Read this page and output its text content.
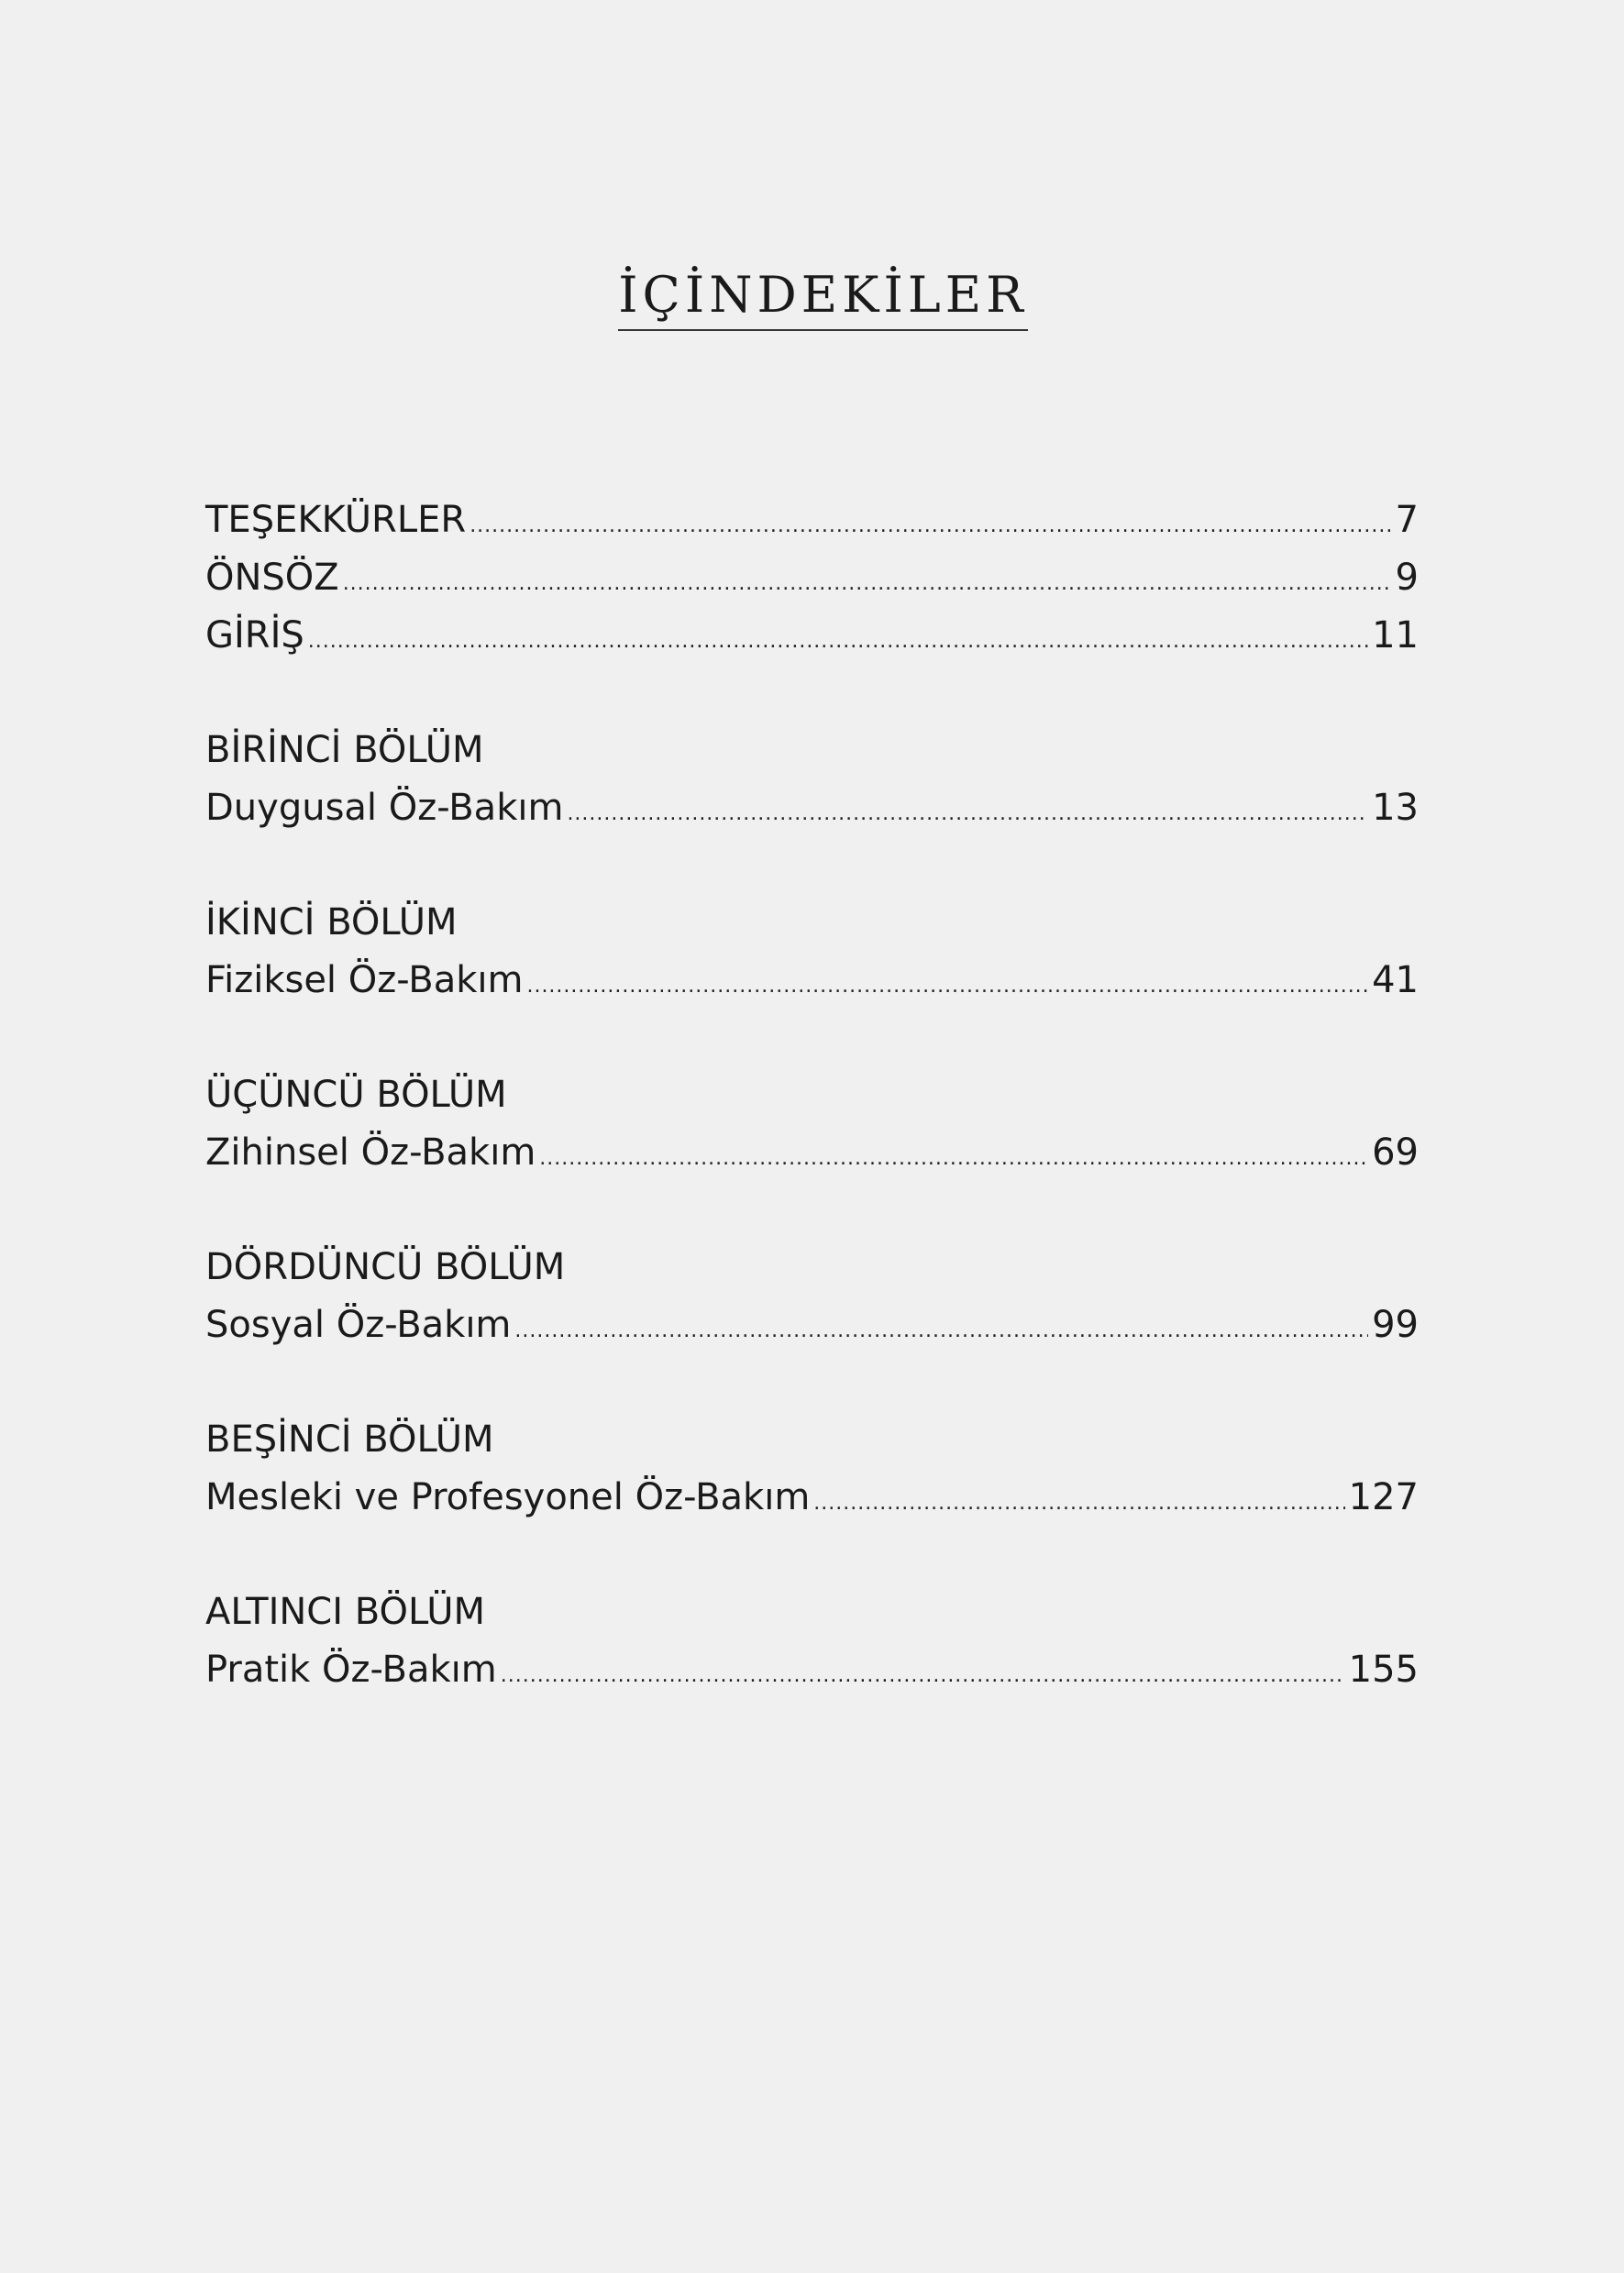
İÇİNDEKİLER
TEŞEKKÜRLER .....	7
ÖNSÖZ .....	9
GİRİŞ .....	11
BİRİNCİ BÖLÜM
Duygusal Öz-Bakım .....	13
İKİNCİ BÖLÜM
Fiziksel Öz-Bakım .....	41
ÜÇÜNCÜ BÖLÜM
Zihinsel Öz-Bakım .....	69
DÖRDÜNCÜ BÖLÜM
Sosyal Öz-Bakım .....	99
BEŞİNCİ BÖLÜM
Mesleki ve Profesyonel Öz-Bakım .....	127
ALTINCI BÖLÜM
Pratik Öz-Bakım .....	155
